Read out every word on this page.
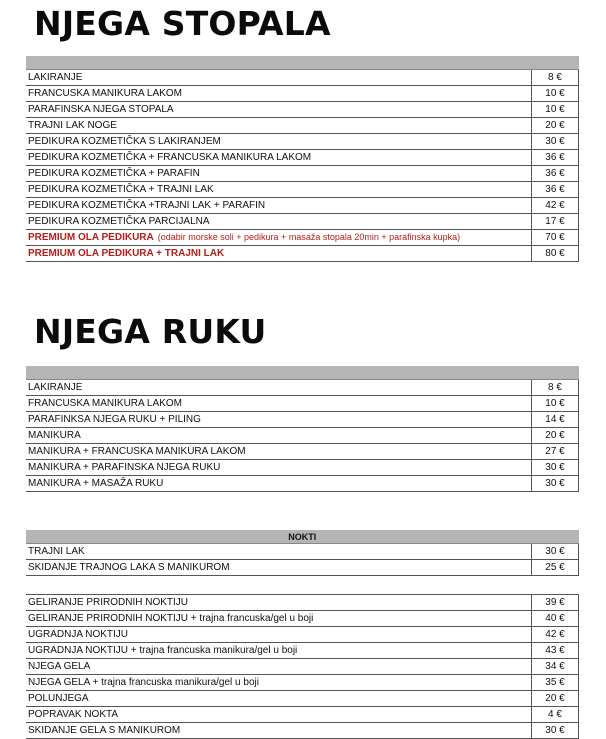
NJEGA STOPALA

LAKIRANJE	8 €
FRANCUSKA MANIKURA LAKOM	10 €
PARAFINSKA NJEGA STOPALA	10 €
TRAJNI LAK NOGE	20 €
PEDIKURA KOZMETIČKA S LAKIRANJEM	30 €
PEDIKURA KOZMETIČKA + FRANCUSKA MANIKURA LAKOM	36 €
PEDIKURA KOZMETIČKA + PARAFIN	36 €
PEDIKURA KOZMETIČKA + TRAJNI LAK	36 €
PEDIKURA KOZMETIČKA +TRAJNI LAK + PARAFIN	42 €
PEDIKURA KOZMETIČKA PARCIJALNA	17 €
PREMIUM OLA PEDIKURA (odabir morske soli + pedikura + masaža stopala 20min + parafinska kupka)	70 €
PREMIUM OLA PEDIKURA + TRAJNI LAK	80 €
NJEGA RUKU

LAKIRANJE	8 €
FRANCUSKA MANIKURA LAKOM	10 €
PARAFINKSA NJEGA RUKU + PILING	14 €
MANIKURA	20 €
MANIKURA + FRANCUSKA MANIKURA LAKOM	27 €
MANIKURA + PARAFINSKA NJEGA RUKU	30 €
MANIKURA + MASAŽA RUKU	30 €
NOKTI	
TRAJNI LAK	30 €
SKIDANJE TRAJNOG LAKA S MANIKUROM	25 €
GELIRANJE PRIRODNIH NOKTIJU	39 €
GELIRANJE PRIRODNIH NOKTIJU + trajna francuska/gel u boji	40 €
UGRADNJA NOKTIJU	42 €
UGRADNJA NOKTIJU + trajna francuska manikura/gel u boji	43 €
NJEGA GELA	34 €
NJEGA GELA + trajna francuska manikura/gel u boji	35 €
POLUNJEGA	20 €
POPRAVAK NOKTA	4 €
SKIDANJE GELA S MANIKUROM	30 €
